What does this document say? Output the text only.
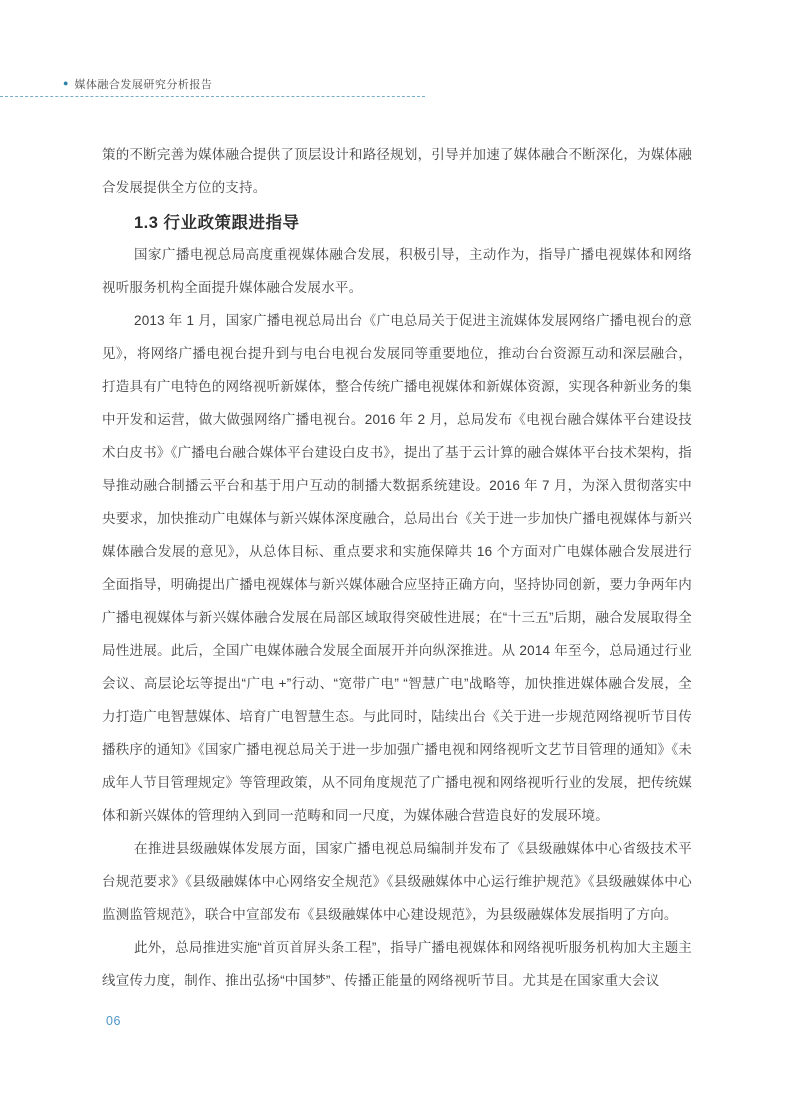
● 媒体融合发展研究分析报告

策的不断完善为媒体融合提供了顶层设计和路径规划，引导并加速了媒体融合不断深化，为媒体融合发展提供全方位的支持。

1.3 行业政策跟进指导

国家广播电视总局高度重视媒体融合发展，积极引导，主动作为，指导广播电视媒体和网络视听服务机构全面提升媒体融合发展水平。

2013 年 1 月，国家广播电视总局出台《广电总局关于促进主流媒体发展网络广播电视台的意见》，将网络广播电视台提升到与电台电视台发展同等重要地位，推动台台资源互动和深层融合，打造具有广电特色的网络视听新媒体，整合传统广播电视媒体和新媒体资源，实现各种新业务的集中开发和运营，做大做强网络广播电视台。2016 年 2 月，总局发布《电视台融合媒体平台建设技术白皮书》《广播电台融合媒体平台建设白皮书》，提出了基于云计算的融合媒体平台技术架构，指导推动融合制播云平台和基于用户互动的制播大数据系统建设。2016 年 7 月，为深入贯彻落实中央要求，加快推动广电媒体与新兴媒体深度融合，总局出台《关于进一步加快广播电视媒体与新兴媒体融合发展的意见》，从总体目标、重点要求和实施保障共 16 个方面对广电媒体融合发展进行全面指导，明确提出广播电视媒体与新兴媒体融合应坚持正确方向，坚持协同创新，要力争两年内广播电视媒体与新兴媒体融合发展在局部区域取得突破性进展；在“十三五”后期，融合发展取得全局性进展。此后，全国广电媒体融合发展全面展开并向纵深推进。从 2014 年至今，总局通过行业会议、高层论坛等提出“广电 +”行动、“宽带广电” “智慧广电”战略等，加快推进媒体融合发展，全力打造广电智慧媒体、培育广电智慧生态。与此同时，陆续出台《关于进一步规范网络视听节目传播秩序的通知》《国家广播电视总局关于进一步加强广播电视和网络视听文艺节目管理的通知》《未成年人节目管理规定》等管理政策，从不同角度规范了广播电视和网络视听行业的发展，把传统媒体和新兴媒体的管理纳入到同一范畴和同一尺度，为媒体融合营造良好的发展环境。

在推进县级融媒体发展方面，国家广播电视总局编制并发布了《县级融媒体中心省级技术平台规范要求》《县级融媒体中心网络安全规范》《县级融媒体中心运行维护规范》《县级融媒体中心监测监管规范》，联合中宣部发布《县级融媒体中心建设规范》，为县级融媒体发展指明了方向。

此外，总局推进实施“首页首屏头条工程”，指导广播电视媒体和网络视听服务机构加大主题主线宣传力度，制作、推出弘扬“中国梦”、传播正能量的网络视听节目。尤其是在国家重大会议

06
